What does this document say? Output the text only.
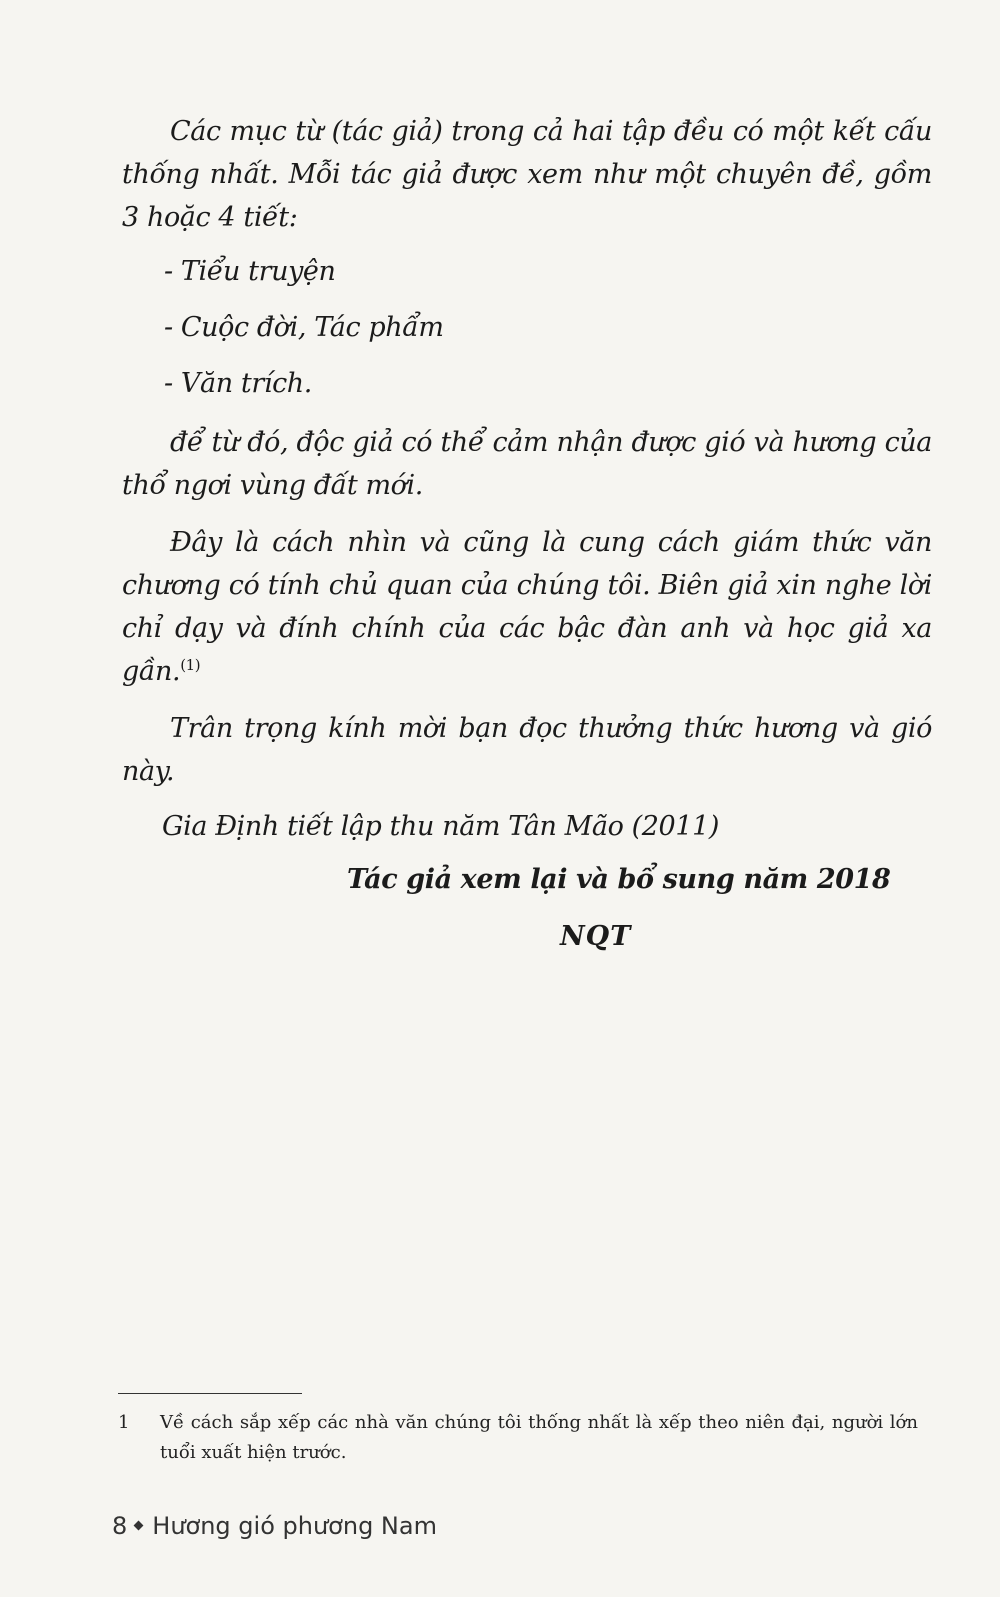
Các mục từ (tác giả) trong cả hai tập đều có một kết cấu thống nhất. Mỗi tác giả được xem như một chuyên đề, gồm 3 hoặc 4 tiết:

- Tiểu truyện
- Cuộc đời, Tác phẩm
- Văn trích.

để từ đó, độc giả có thể cảm nhận được gió và hương của thổ ngơi vùng đất mới.

Đây là cách nhìn và cũng là cung cách giám thức văn chương có tính chủ quan của chúng tôi. Biên giả xin nghe lời chỉ dạy và đính chính của các bậc đàn anh và học giả xa gần.$^{(1)}$

Trân trọng kính mời bạn đọc thưởng thức hương và gió này.

Gia Định tiết lập thu năm Tân Mão (2011)
Tác giả xem lại và bổ sung năm 2018
NQT
1 Về cách sắp xếp các nhà văn chúng tôi thống nhất là xếp theo niên đại, người lớn tuổi xuất hiện trước.
8 Hương gió phương Nam
